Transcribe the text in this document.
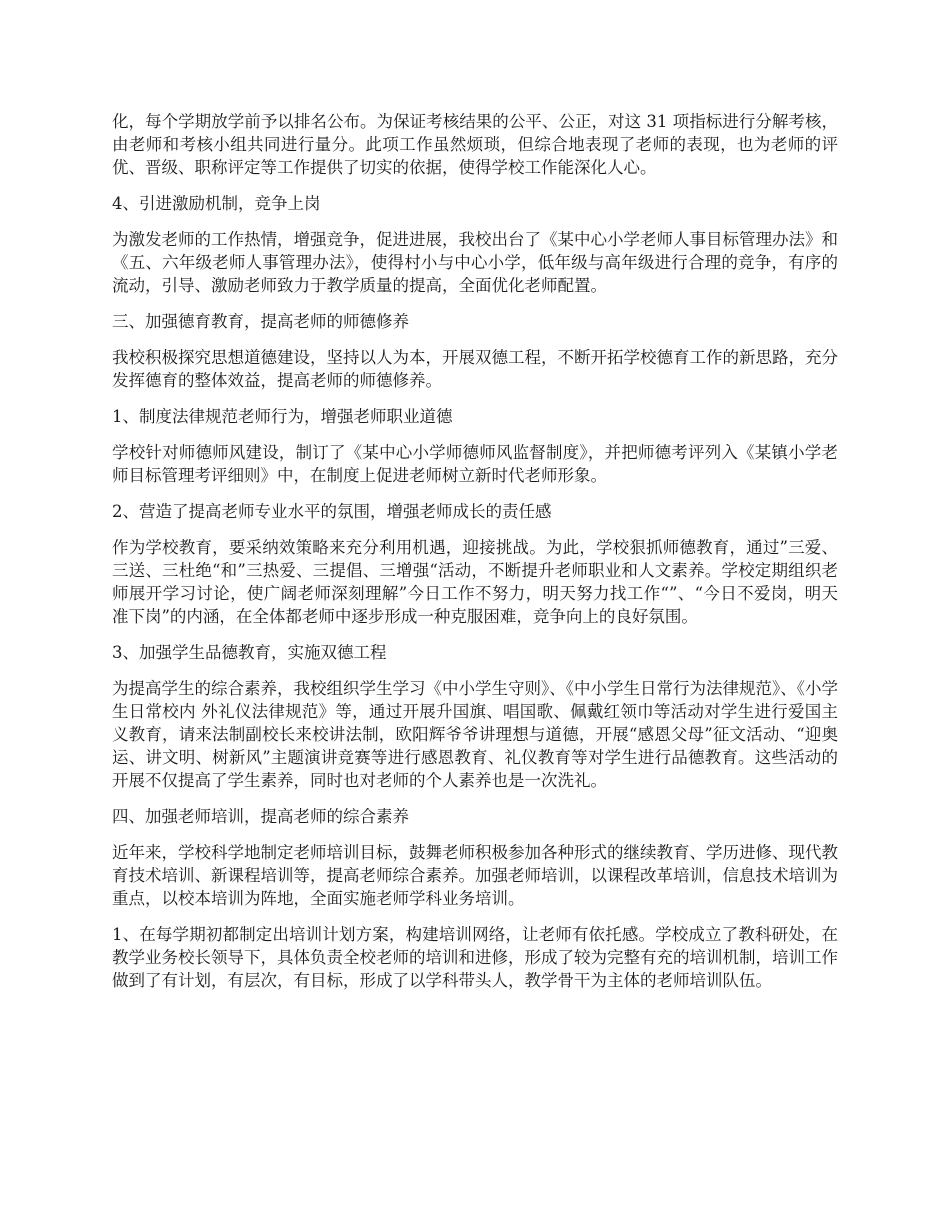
化，每个学期放学前予以排名公布。为保证考核结果的公平、公正，对这 31 项指标进行分解考核，由老师和考核小组共同进行量分。此项工作虽然烦琐，但综合地表现了老师的表现，也为老师的评优、晋级、职称评定等工作提供了切实的依据，使得学校工作能深化人心。

4、引进激励机制，竞争上岗

为激发老师的工作热情，增强竞争，促进进展，我校出台了《某中心小学老师人事目标管理办法》和《五、六年级老师人事管理办法》，使得村小与中心小学，低年级与高年级进行合理的竞争，有序的流动，引导、激励老师致力于教学质量的提高，全面优化老师配置。

三、加强德育教育，提高老师的师德修养

我校积极探究思想道德建设，坚持以人为本，开展双德工程，不断开拓学校德育工作的新思路，充分发挥德育的整体效益，提高老师的师德修养。

1、制度法律规范老师行为，增强老师职业道德

学校针对师德师风建设，制订了《某中心小学师德师风监督制度》，并把师德考评列入《某镇小学老师目标管理考评细则》中，在制度上促进老师树立新时代老师形象。

2、营造了提高老师专业水平的氛围，增强老师成长的责任感

作为学校教育，要采纳效策略来充分利用机遇，迎接挑战。为此，学校狠抓师德教育，通过”三爱、三送、三杜绝“和”三热爱、三提倡、三增强“活动，不断提升老师职业和人文素养。学校定期组织老师展开学习讨论，使广阔老师深刻理解”今日工作不努力，明天努力找工作“”、“今日不爱岗，明天准下岗”的内涵，在全体都老师中逐步形成一种克服困难，竞争向上的良好氛围。

3、加强学生品德教育，实施双德工程

为提高学生的综合素养，我校组织学生学习《中小学生守则》、《中小学生日常行为法律规范》、《小学生日常校内 外礼仪法律规范》等，通过开展升国旗、唱国歌、佩戴红领巾等活动对学生进行爱国主义教育，请来法制副校长来校讲法制，欧阳辉爷爷讲理想与道德，开展“感恩父母”征文活动、“迎奥运、讲文明、树新风”主题演讲竞赛等进行感恩教育、礼仪教育等对学生进行品德教育。这些活动的开展不仅提高了学生素养，同时也对老师的个人素养也是一次洗礼。

四、加强老师培训，提高老师的综合素养

近年来，学校科学地制定老师培训目标，鼓舞老师积极参加各种形式的继续教育、学历进修、现代教育技术培训、新课程培训等，提高老师综合素养。加强老师培训，以课程改革培训，信息技术培训为重点，以校本培训为阵地，全面实施老师学科业务培训。

1、在每学期初都制定出培训计划方案，构建培训网络，让老师有依托感。学校成立了教科研处，在教学业务校长领导下，具体负责全校老师的培训和进修，形成了较为完整有充的培训机制，培训工作做到了有计划，有层次，有目标，形成了以学科带头人，教学骨干为主体的老师培训队伍。
